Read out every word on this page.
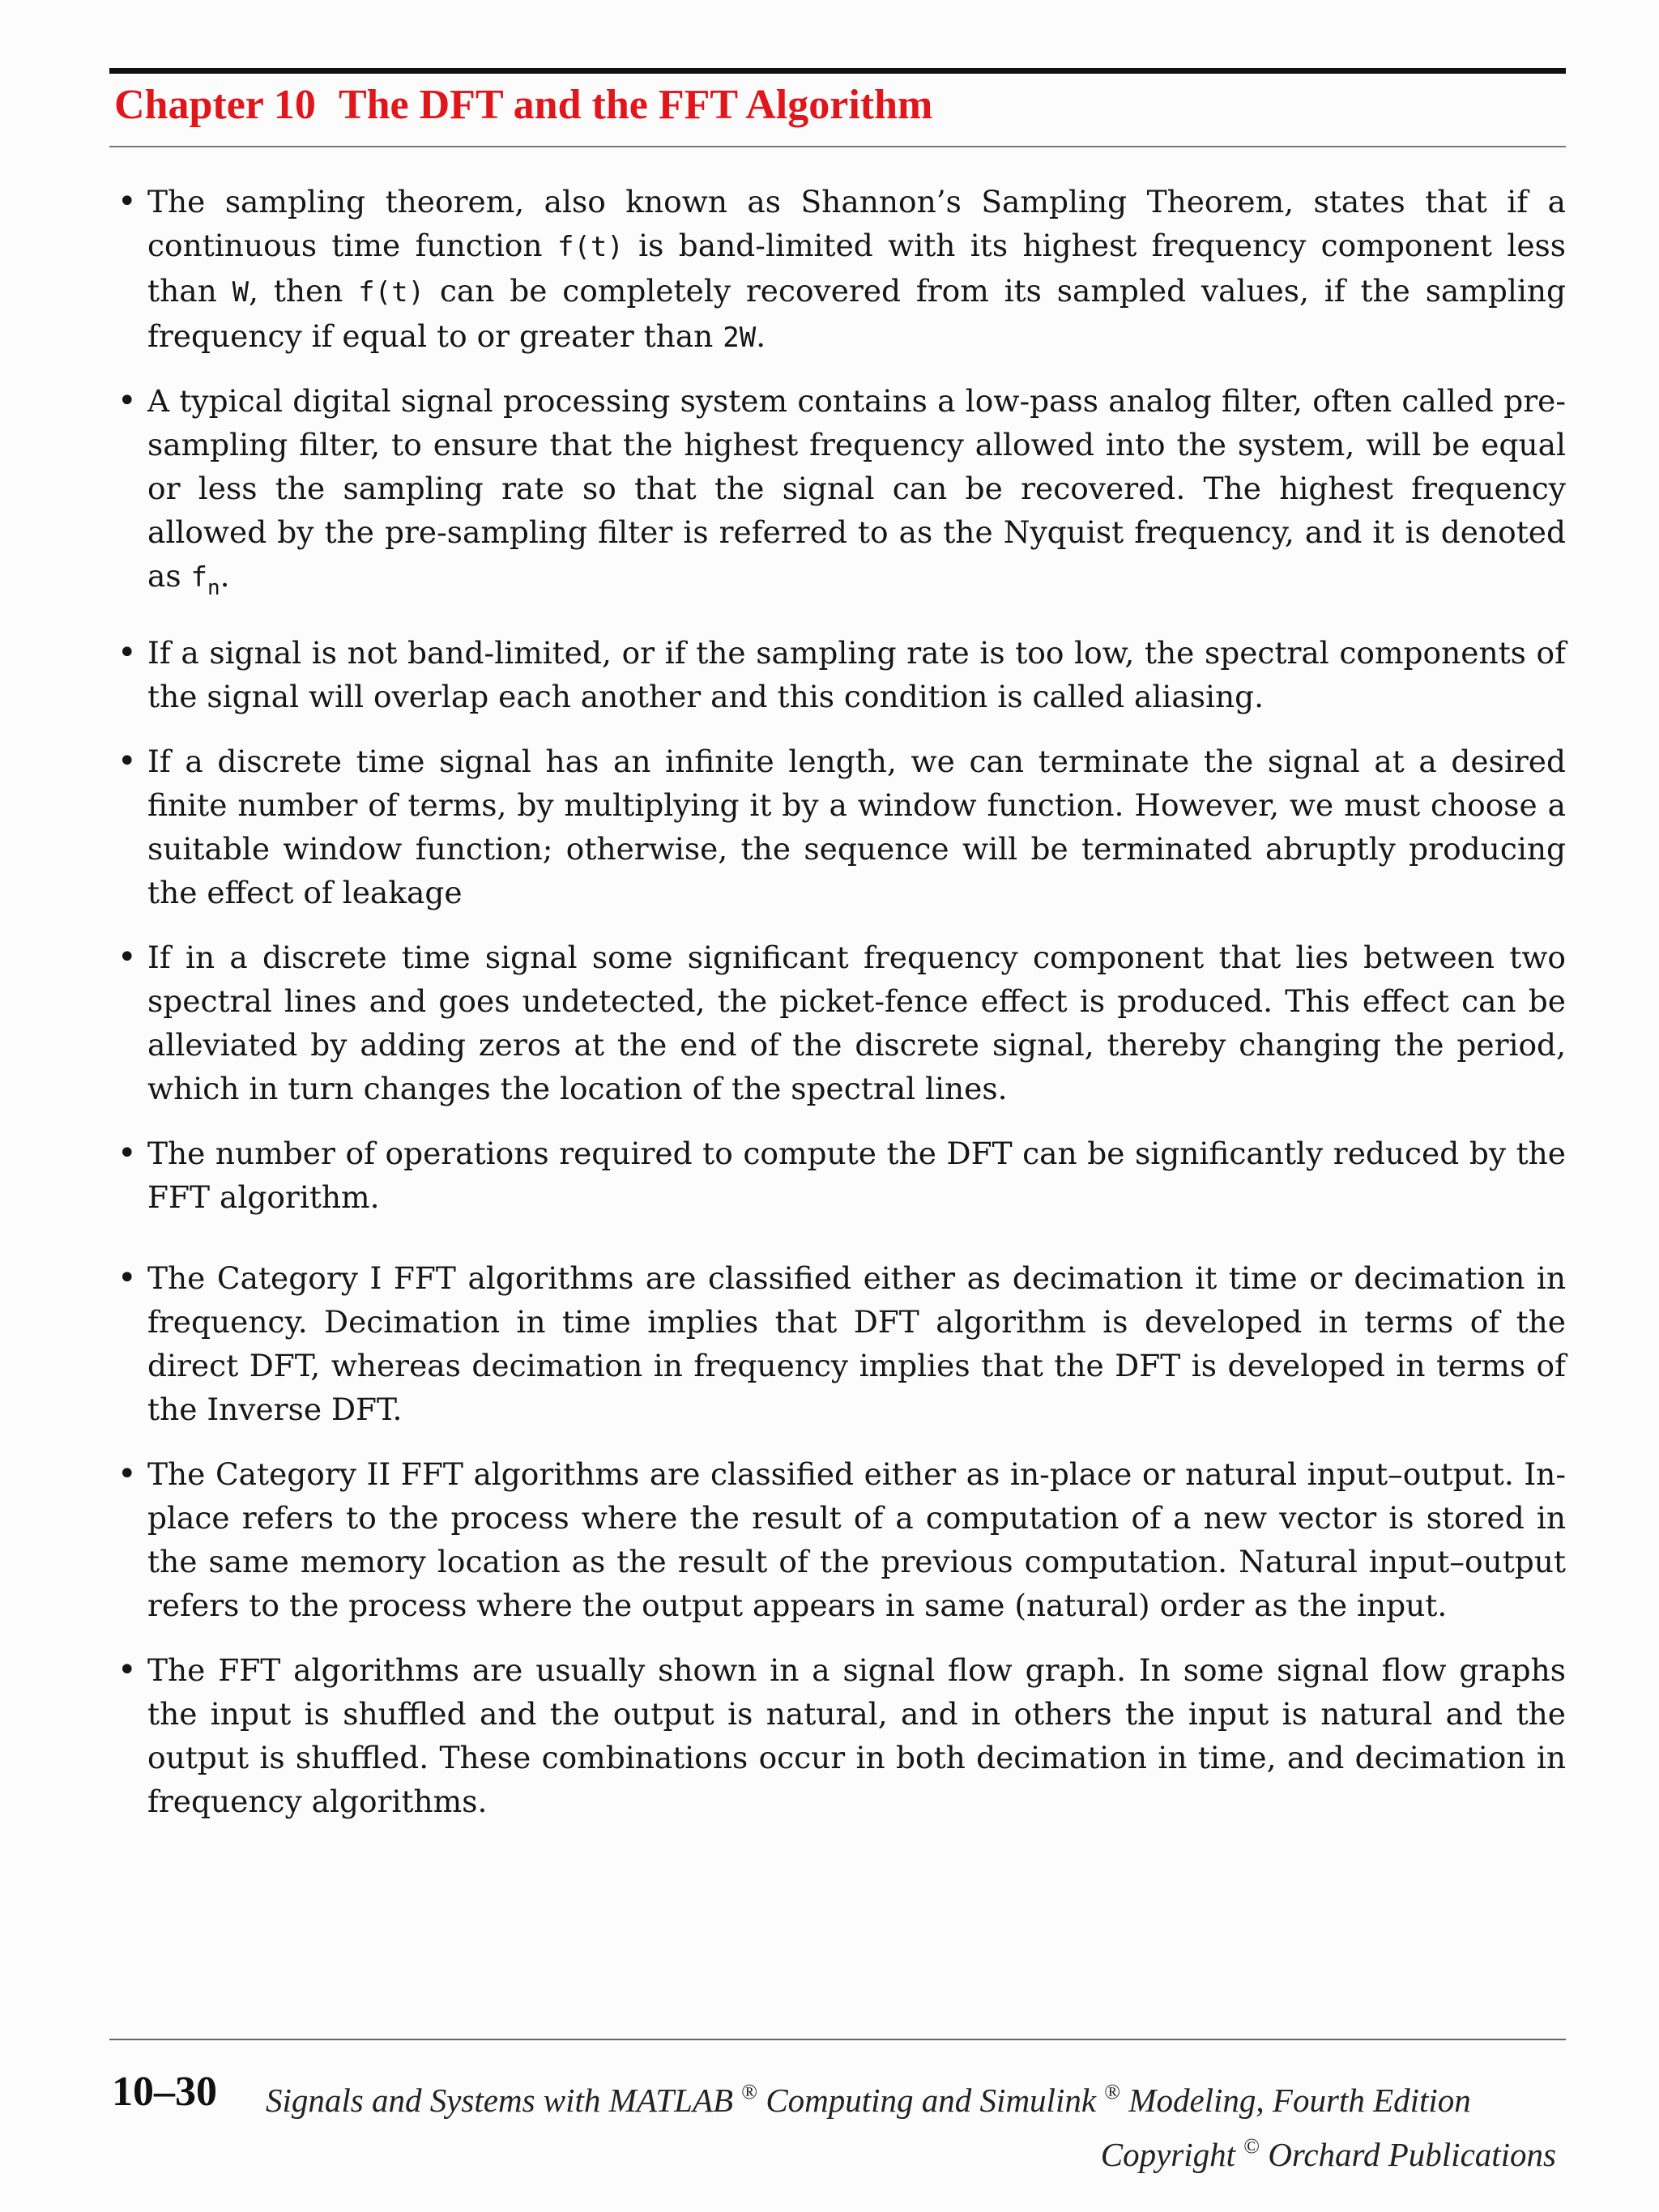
Chapter 10 The DFT and the FFT Algorithm
• The sampling theorem, also known as Shannon’s Sampling Theorem, states that if a continuous time function f(t) is band-limited with its highest frequency component less than W, then f(t) can be completely recovered from its sampled values, if the sampling frequency if equal to or greater than 2W.
• A typical digital signal processing system contains a low-pass analog filter, often called pre-sampling filter, to ensure that the highest frequency allowed into the system, will be equal or less the sampling rate so that the signal can be recovered. The highest frequency allowed by the pre-sampling filter is referred to as the Nyquist frequency, and it is denoted as $f_n$.
• If a signal is not band-limited, or if the sampling rate is too low, the spectral components of the signal will overlap each another and this condition is called aliasing.
• If a discrete time signal has an infinite length, we can terminate the signal at a desired finite number of terms, by multiplying it by a window function. However, we must choose a suitable window function; otherwise, the sequence will be terminated abruptly producing the effect of leakage
• If in a discrete time signal some significant frequency component that lies between two spectral lines and goes undetected, the picket-fence effect is produced. This effect can be alleviated by adding zeros at the end of the discrete signal, thereby changing the period, which in turn changes the location of the spectral lines.
• The number of operations required to compute the DFT can be significantly reduced by the FFT algorithm.
• The Category I FFT algorithms are classified either as decimation it time or decimation in frequency. Decimation in time implies that DFT algorithm is developed in terms of the direct DFT, whereas decimation in frequency implies that the DFT is developed in terms of the Inverse DFT.
• The Category II FFT algorithms are classified either as in-place or natural input–output. In-place refers to the process where the result of a computation of a new vector is stored in the same memory location as the result of the previous computation. Natural input–output refers to the process where the output appears in same (natural) order as the input.
• The FFT algorithms are usually shown in a signal flow graph. In some signal flow graphs the input is shuffled and the output is natural, and in others the input is natural and the output is shuffled. These combinations occur in both decimation in time, and decimation in frequency algorithms.
10–30 Signals and Systems with MATLAB ® Computing and Simulink ® Modeling, Fourth Edition
Copyright © Orchard Publications
